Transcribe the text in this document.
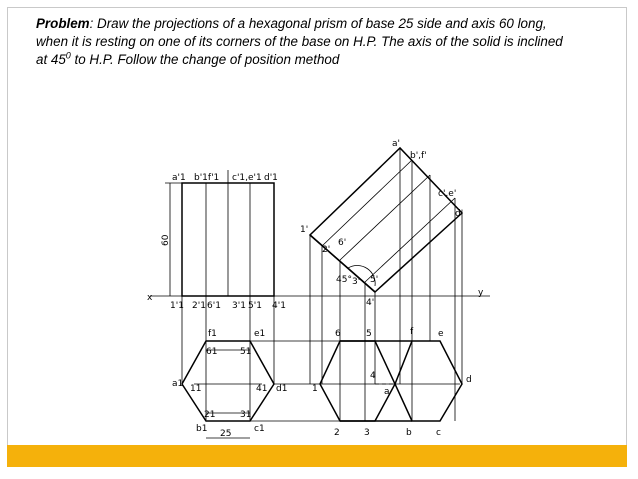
Problem: Draw the projections of a hexagonal prism of base 25 side and axis 60 long, when it is resting on one of its corners of the base on H.P. The axis of the solid is inclined at $45^0$ to H.P. Follow the change of position method
x	y
60
a'1 b'1f'1 c'1,e'1 d'1
1'1 2'1 6'1 3'1 5'1 4'1
25
f1	e1
61	51
a1 11	41 d1
21	31
b1	c1
a'
b',f'
c',e'
d'
1'
2'
6'
5'
3'
4'
45°
6	5	f	e
1
4
a
d
2	3	b	c
